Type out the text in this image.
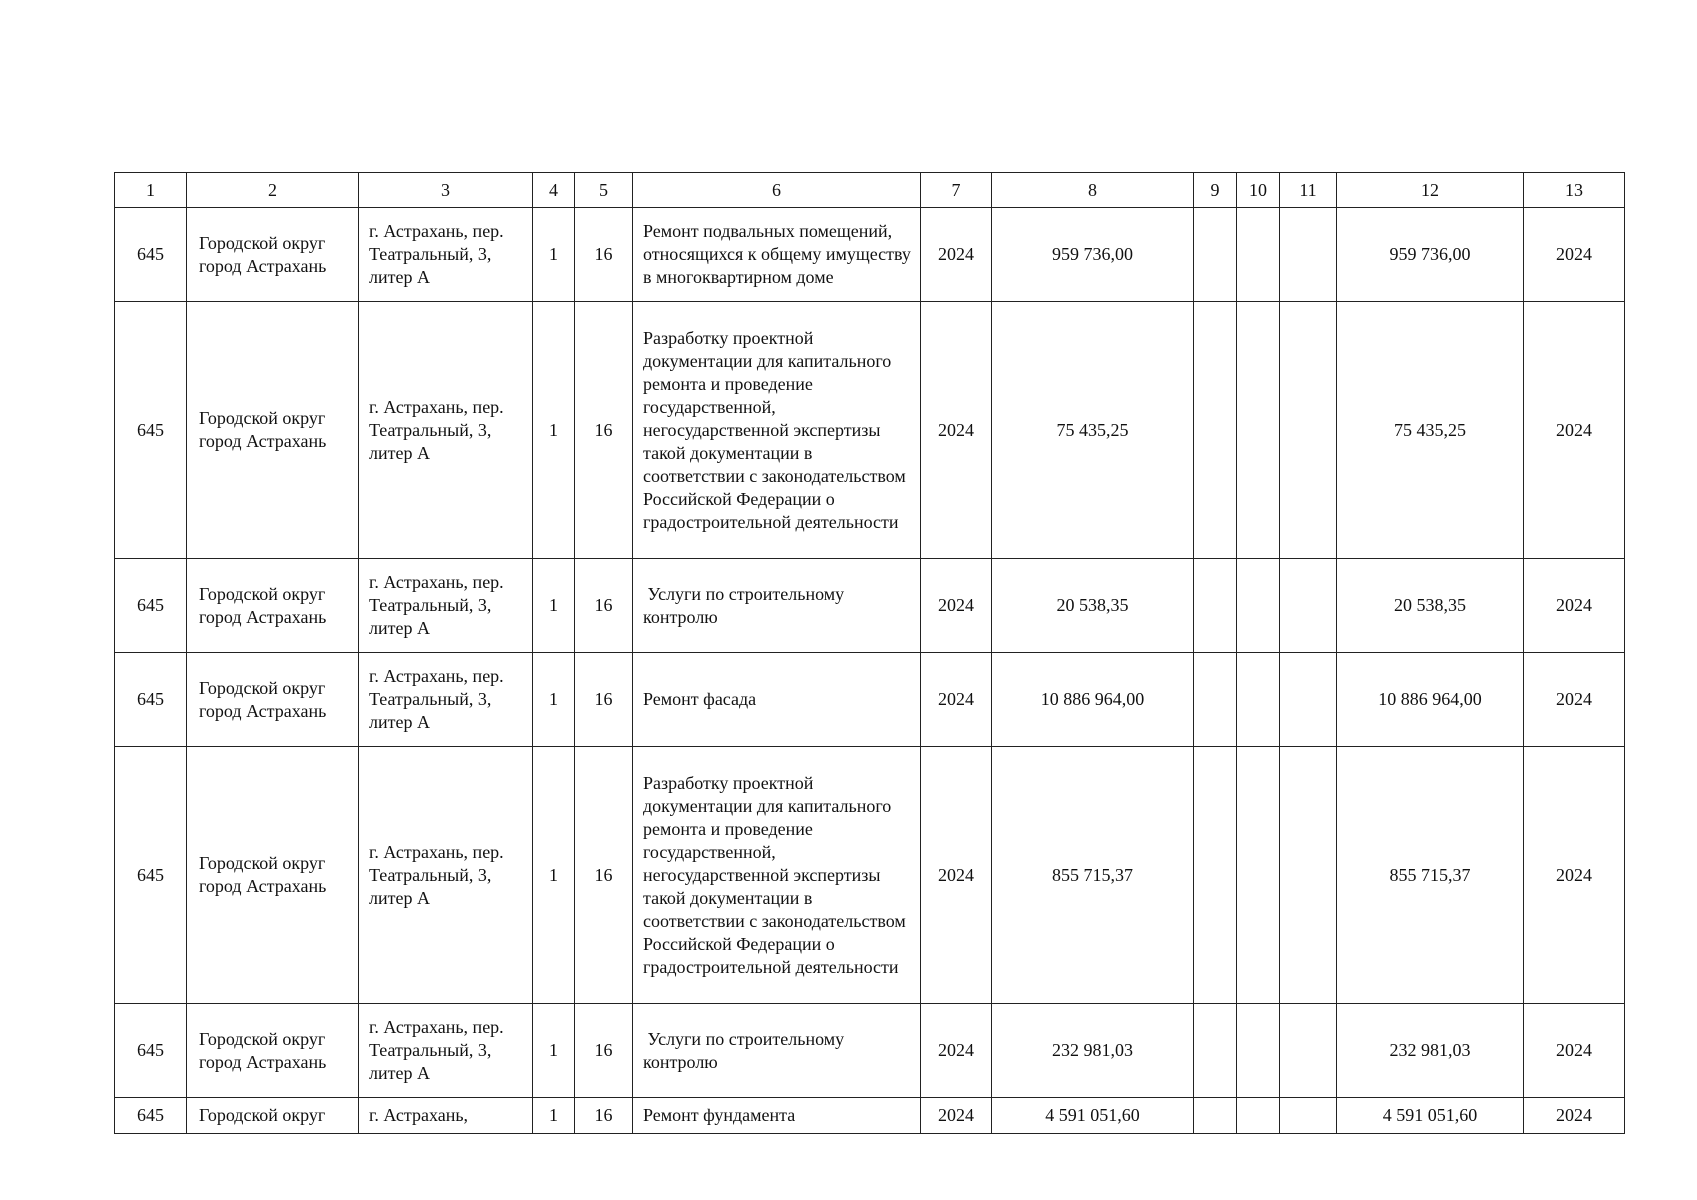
1	2	3	4	5	6	7	8	9	10	11	12	13
645	Городской округ город Астрахань	г. Астрахань, пер. Театральный, 3, литер А	1	16	Ремонт подвальных помещений, относящихся к общему имуществу в многоквартирном доме	2024	959 736,00				959 736,00	2024
645	Городской округ город Астрахань	г. Астрахань, пер. Театральный, 3, литер А	1	16	Разработку проектной документации для капитального ремонта и проведение государственной, негосударственной экспертизы такой документации в соответствии с законодательством Российской Федерации о градостроительной деятельности	2024	75 435,25				75 435,25	2024
645	Городской округ город Астрахань	г. Астрахань, пер. Театральный, 3, литер А	1	16	Услуги по строительному контролю	2024	20 538,35				20 538,35	2024
645	Городской округ город Астрахань	г. Астрахань, пер. Театральный, 3, литер А	1	16	Ремонт фасада	2024	10 886 964,00				10 886 964,00	2024
645	Городской округ город Астрахань	г. Астрахань, пер. Театральный, 3, литер А	1	16	Разработку проектной документации для капитального ремонта и проведение государственной, негосударственной экспертизы такой документации в соответствии с законодательством Российской Федерации о градостроительной деятельности	2024	855 715,37				855 715,37	2024
645	Городской округ город Астрахань	г. Астрахань, пер. Театральный, 3, литер А	1	16	Услуги по строительному контролю	2024	232 981,03				232 981,03	2024
645	Городской округ	г. Астрахань,	1	16	Ремонт фундамента	2024	4 591 051,60				4 591 051,60	2024
